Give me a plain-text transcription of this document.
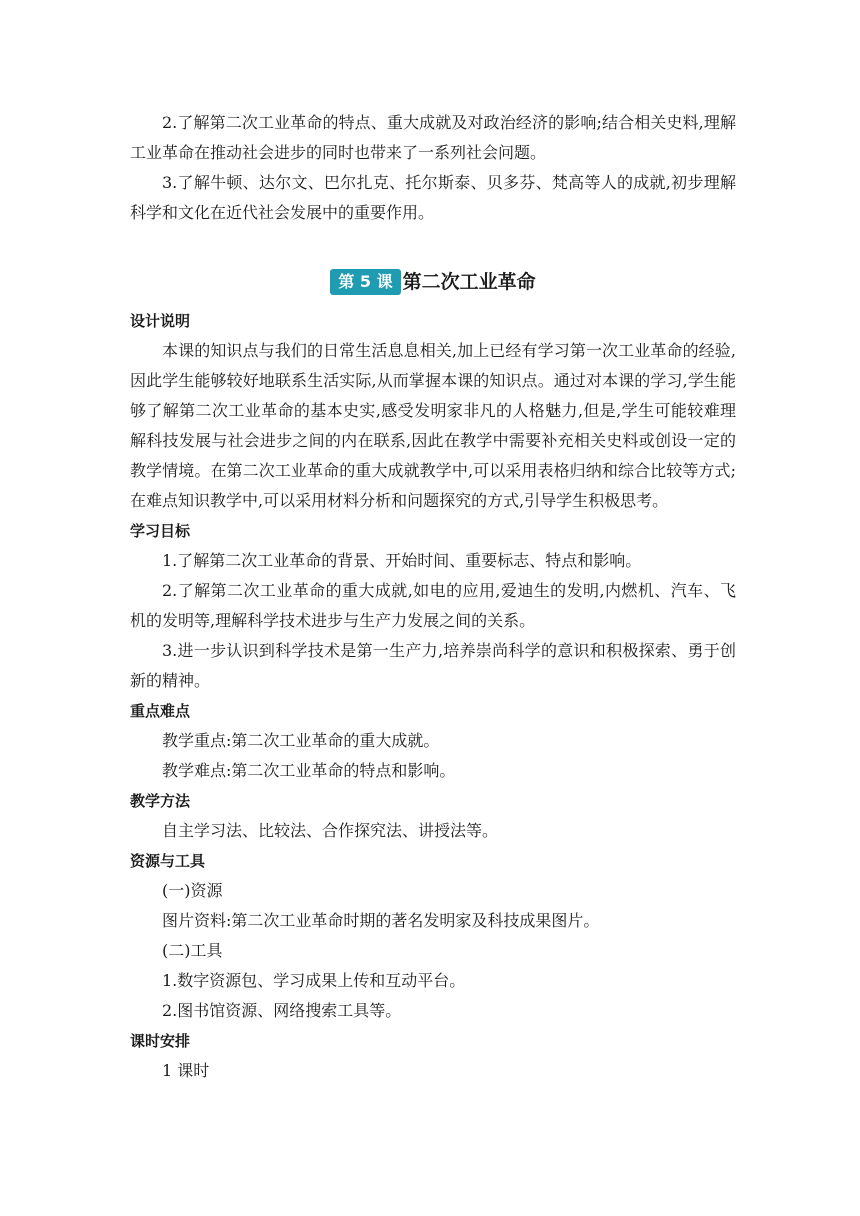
2.了解第二次工业革命的特点、重大成就及对政治经济的影响;结合相关史料,理解工业革命在推动社会进步的同时也带来了一系列社会问题。

3.了解牛顿、达尔文、巴尔扎克、托尔斯泰、贝多芬、梵高等人的成就,初步理解科学和文化在近代社会发展中的重要作用。

第 5 课 第二次工业革命
设计说明

本课的知识点与我们的日常生活息息相关,加上已经有学习第一次工业革命的经验,因此学生能够较好地联系生活实际,从而掌握本课的知识点。通过对本课的学习,学生能够了解第二次工业革命的基本史实,感受发明家非凡的人格魅力,但是,学生可能较难理解科技发展与社会进步之间的内在联系,因此在教学中需要补充相关史料或创设一定的教学情境。在第二次工业革命的重大成就教学中,可以采用表格归纳和综合比较等方式;在难点知识教学中,可以采用材料分析和问题探究的方式,引导学生积极思考。

学习目标

1.了解第二次工业革命的背景、开始时间、重要标志、特点和影响。

2.了解第二次工业革命的重大成就,如电的应用,爱迪生的发明,内燃机、汽车、飞机的发明等,理解科学技术进步与生产力发展之间的关系。

3.进一步认识到科学技术是第一生产力,培养崇尚科学的意识和积极探索、勇于创新的精神。

重点难点

教学重点:第二次工业革命的重大成就。

教学难点:第二次工业革命的特点和影响。

教学方法

自主学习法、比较法、合作探究法、讲授法等。

资源与工具

(一)资源

图片资料:第二次工业革命时期的著名发明家及科技成果图片。

(二)工具

1.数字资源包、学习成果上传和互动平台。

2.图书馆资源、网络搜索工具等。

课时安排

1 课时
